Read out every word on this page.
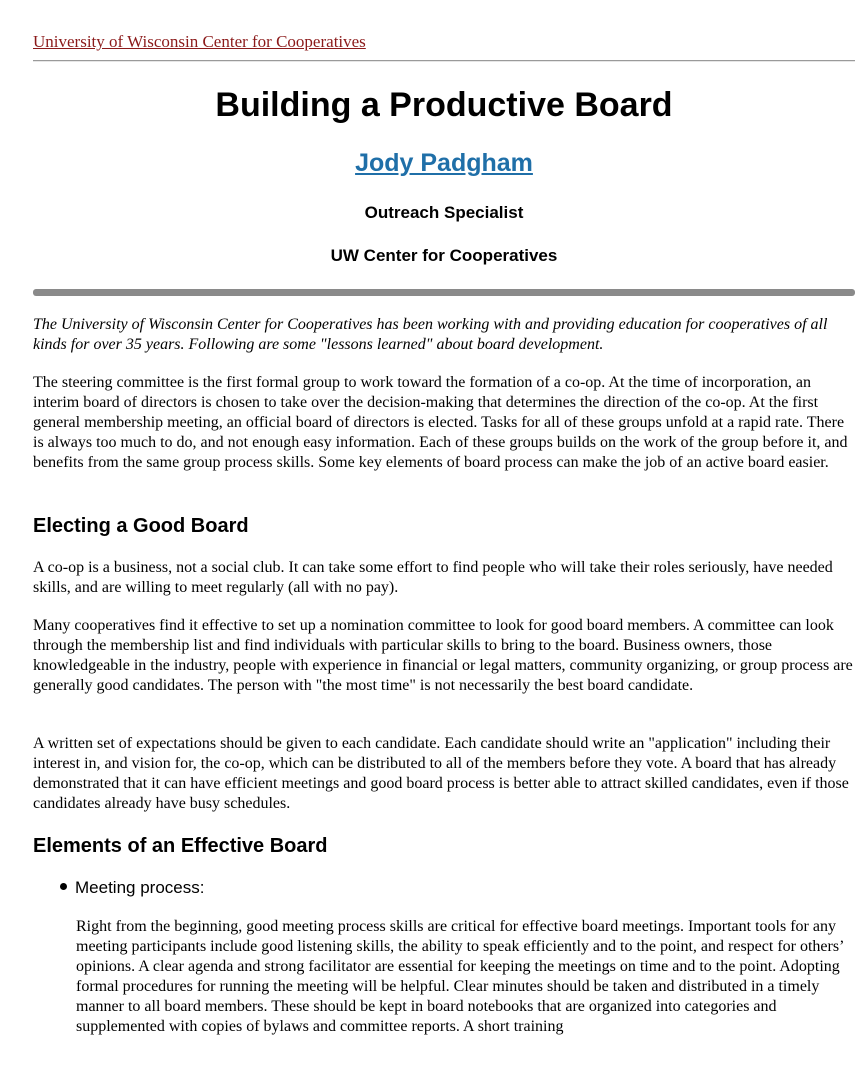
University of Wisconsin Center for Cooperatives
Building a Productive Board
Jody Padgham

Outreach Specialist

UW Center for Cooperatives

The University of Wisconsin Center for Cooperatives has been working with and providing education for cooperatives of all kinds for over 35 years. Following are some "lessons learned" about board development.

The steering committee is the first formal group to work toward the formation of a co-op. At the time of incorporation, an interim board of directors is chosen to take over the decision-making that determines the direction of the co-op. At the first general membership meeting, an official board of directors is elected. Tasks for all of these groups unfold at a rapid rate. There is always too much to do, and not enough easy information. Each of these groups builds on the work of the group before it, and benefits from the same group process skills. Some key elements of board process can make the job of an active board easier.

Electing a Good Board

A co-op is a business, not a social club. It can take some effort to find people who will take their roles seriously, have needed skills, and are willing to meet regularly (all with no pay).

Many cooperatives find it effective to set up a nomination committee to look for good board members. A committee can look through the membership list and find individuals with particular skills to bring to the board. Business owners, those knowledgeable in the industry, people with experience in financial or legal matters, community organizing, or group process are generally good candidates. The person with "the most time" is not necessarily the best board candidate.

A written set of expectations should be given to each candidate. Each candidate should write an "application" including their interest in, and vision for, the co-op, which can be distributed to all of the members before they vote. A board that has already demonstrated that it can have efficient meetings and good board process is better able to attract skilled candidates, even if those candidates already have busy schedules.

Elements of an Effective Board

Meeting process:

Right from the beginning, good meeting process skills are critical for effective board meetings. Important tools for any meeting participants include good listening skills, the ability to speak efficiently and to the point, and respect for others’ opinions. A clear agenda and strong facilitator are essential for keeping the meetings on time and to the point. Adopting formal procedures for running the meeting will be helpful. Clear minutes should be taken and distributed in a timely manner to all board members. These should be kept in board notebooks that are organized into categories and supplemented with copies of bylaws and committee reports. A short training
